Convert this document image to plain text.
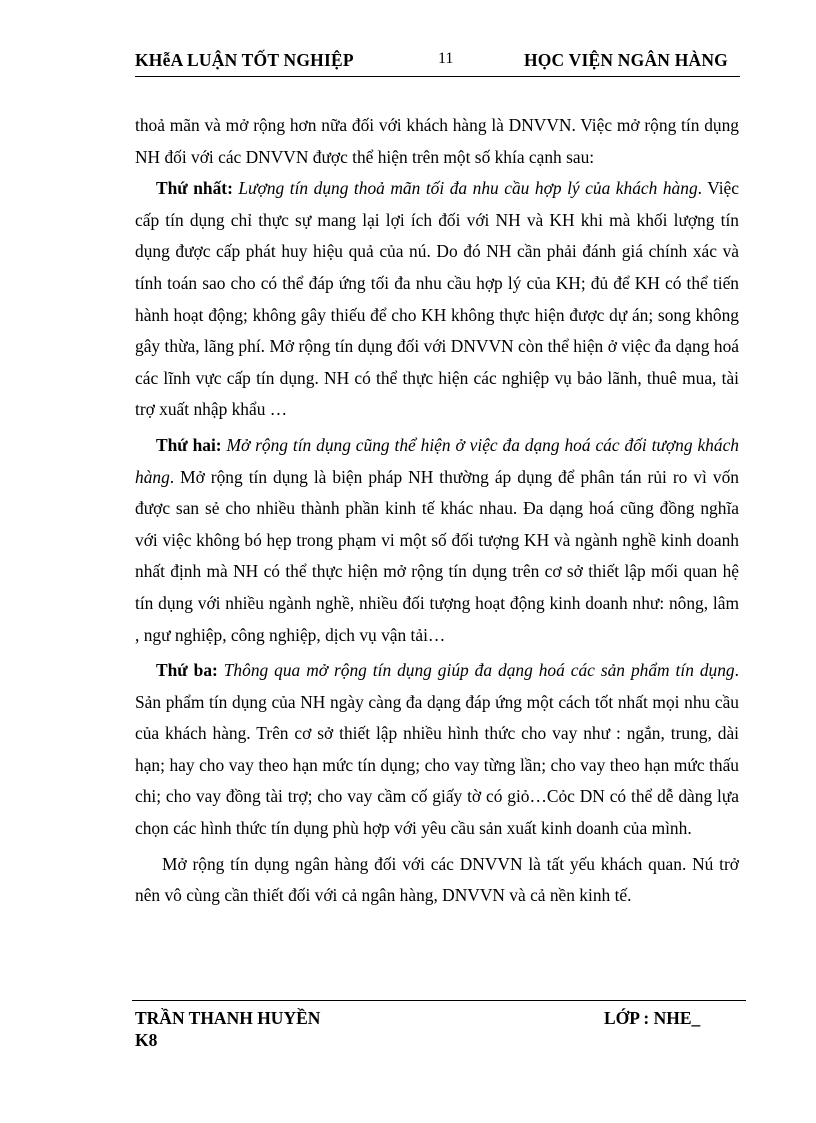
KHễA LUẬN TỐT NGHIỆP	11	HỌC VIỆN NGÂN HÀNG

thoả mãn và mở rộng hơn nữa đối với khách hàng là DNVVN. Việc mở rộng tín dụng NH đối với các DNVVN được thể hiện trên một số khía cạnh sau:

Thứ nhất: Lượng tín dụng thoả mãn tối đa nhu cầu hợp lý của khách hàng. Việc cấp tín dụng chỉ thực sự mang lại lợi ích đối với NH và KH khi mà khối lượng tín dụng được cấp phát huy hiệu quả của nú. Do đó NH cần phải đánh giá chính xác và tính toán sao cho có thể đáp ứng tối đa nhu cầu hợp lý của KH; đủ để KH có thể tiến hành hoạt động; không gây thiếu để cho KH không thực hiện được dự án; song không gây thừa, lãng phí. Mở rộng tín dụng đối với DNVVN còn thể hiện ở việc đa dạng hoá các lĩnh vực cấp tín dụng. NH có thể thực hiện các nghiệp vụ bảo lãnh, thuê mua, tài trợ xuất nhập khẩu …

Thứ hai: Mở rộng tín dụng cũng thể hiện ở việc đa dạng hoá các đối tượng khách hàng. Mở rộng tín dụng là biện pháp NH thường áp dụng để phân tán rủi ro vì vốn được san sẻ cho nhiều thành phần kinh tế khác nhau. Đa dạng hoá cũng đồng nghĩa với việc không bó hẹp trong phạm vi một số đối tượng KH và ngành nghề kinh doanh nhất định mà NH có thể thực hiện mở rộng tín dụng trên cơ sở thiết lập mối quan hệ tín dụng với nhiều ngành nghề, nhiều đối tượng hoạt động kinh doanh như: nông, lâm , ngư nghiệp, công nghiệp, dịch vụ vận tải…

Thứ ba: Thông qua mở rộng tín dụng giúp đa dạng hoá các sản phẩm tín dụng. Sản phẩm tín dụng của NH ngày càng đa dạng đáp ứng một cách tốt nhất mọi nhu cầu của khách hàng. Trên cơ sở thiết lập nhiều hình thức cho vay như : ngắn, trung, dài hạn; hay cho vay theo hạn mức tín dụng; cho vay từng lần; cho vay theo hạn mức thấu chi; cho vay đồng tài trợ; cho vay cầm cố giấy tờ có giỏ…Cỏc DN có thể dễ dàng lựa chọn các hình thức tín dụng phù hợp với yêu cầu sản xuất kinh doanh của mình.

Mở rộng tín dụng ngân hàng đối với các DNVVN là tất yếu khách quan. Nú trở nên vô cùng cần thiết đối với cả ngân hàng, DNVVN và cả nền kinh tế.

TRẦN THANH HUYỀN	LỚP : NHE_
K8
